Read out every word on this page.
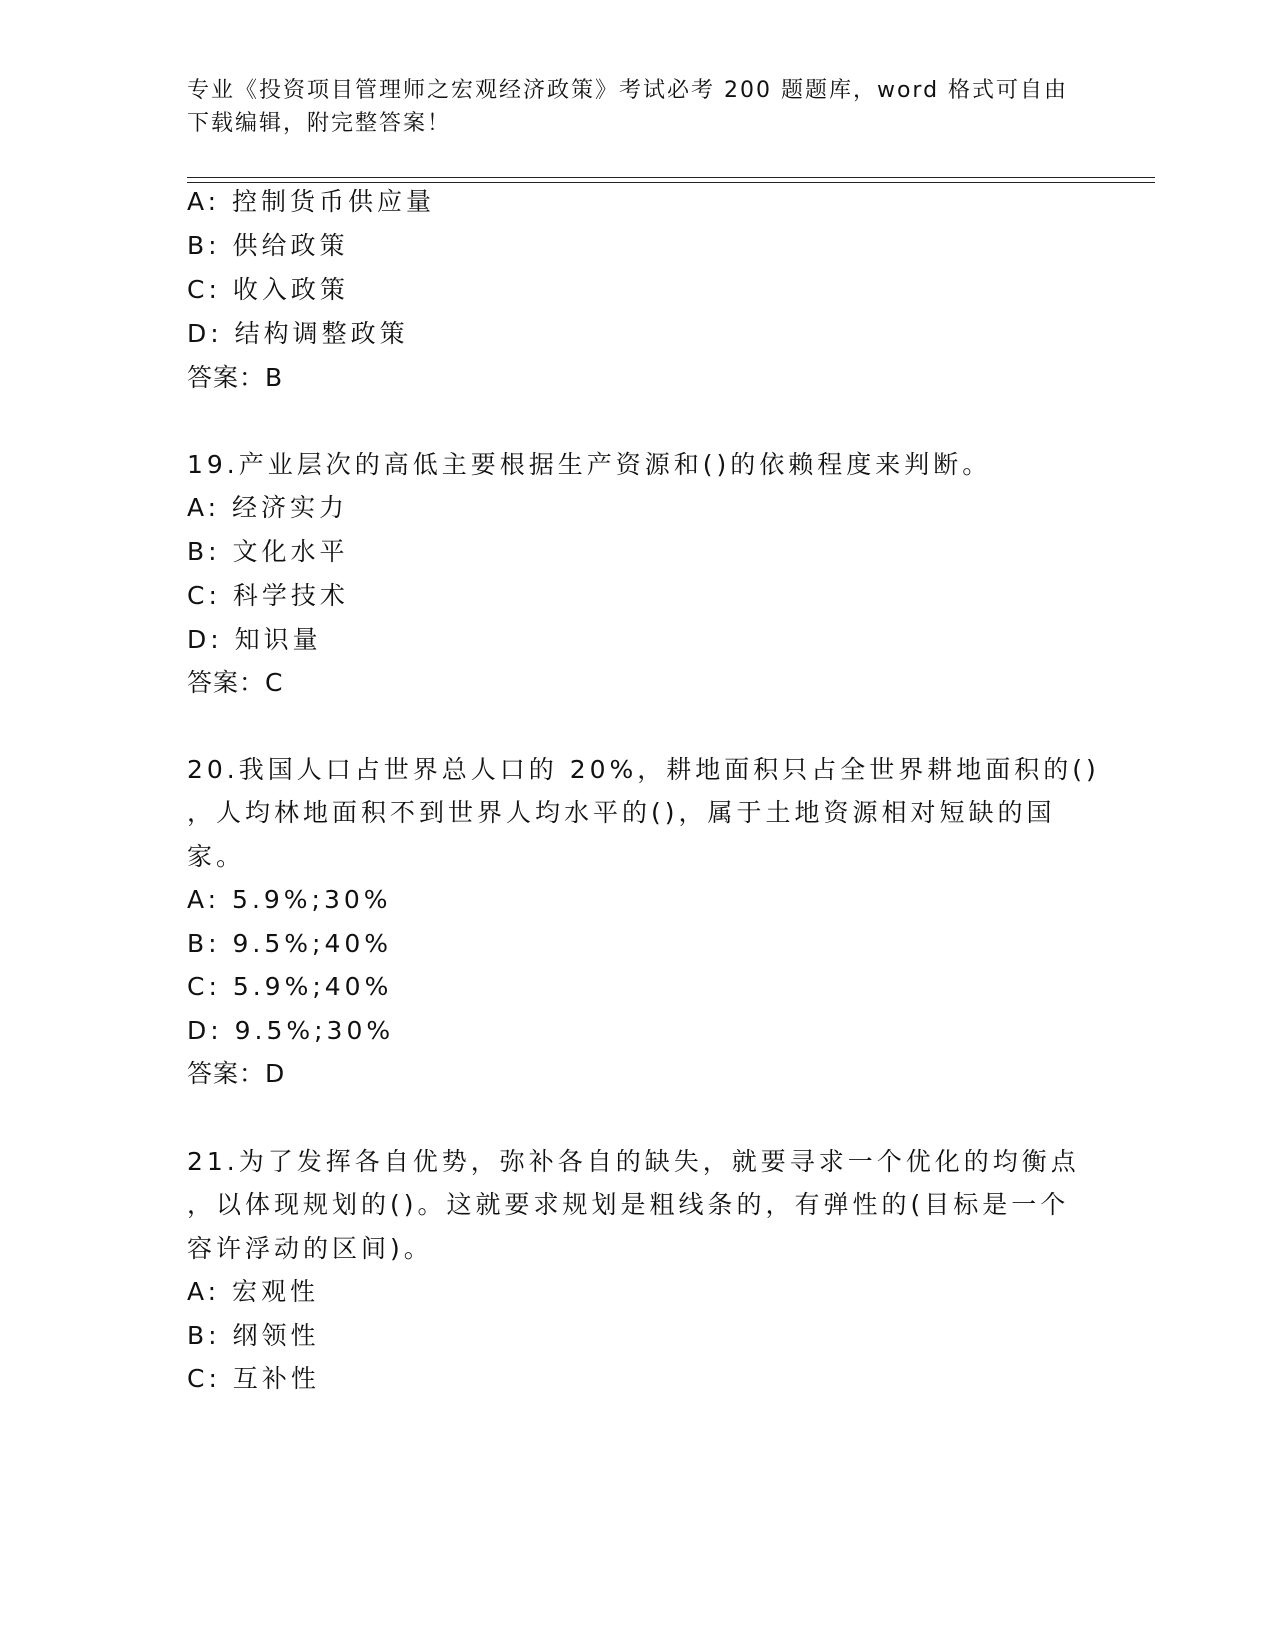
专业《投资项目管理师之宏观经济政策》考试必考 200 题题库，word 格式可自由下载编辑，附完整答案！
A: 控制货币供应量
B: 供给政策
C: 收入政策
D: 结构调整政策
答案：B
19.产业层次的高低主要根据生产资源和()的依赖程度来判断。
A: 经济实力
B: 文化水平
C: 科学技术
D: 知识量
答案：C
20.我国人口占世界总人口的 20%，耕地面积只占全世界耕地面积的()
，人均林地面积不到世界人均水平的()，属于土地资源相对短缺的国
家。
A: 5.9%;30%
B: 9.5%;40%
C: 5.9%;40%
D: 9.5%;30%
答案：D
21.为了发挥各自优势，弥补各自的缺失，就要寻求一个优化的均衡点
，以体现规划的()。这就要求规划是粗线条的，有弹性的(目标是一个
容许浮动的区间)。
A: 宏观性
B: 纲领性
C: 互补性
